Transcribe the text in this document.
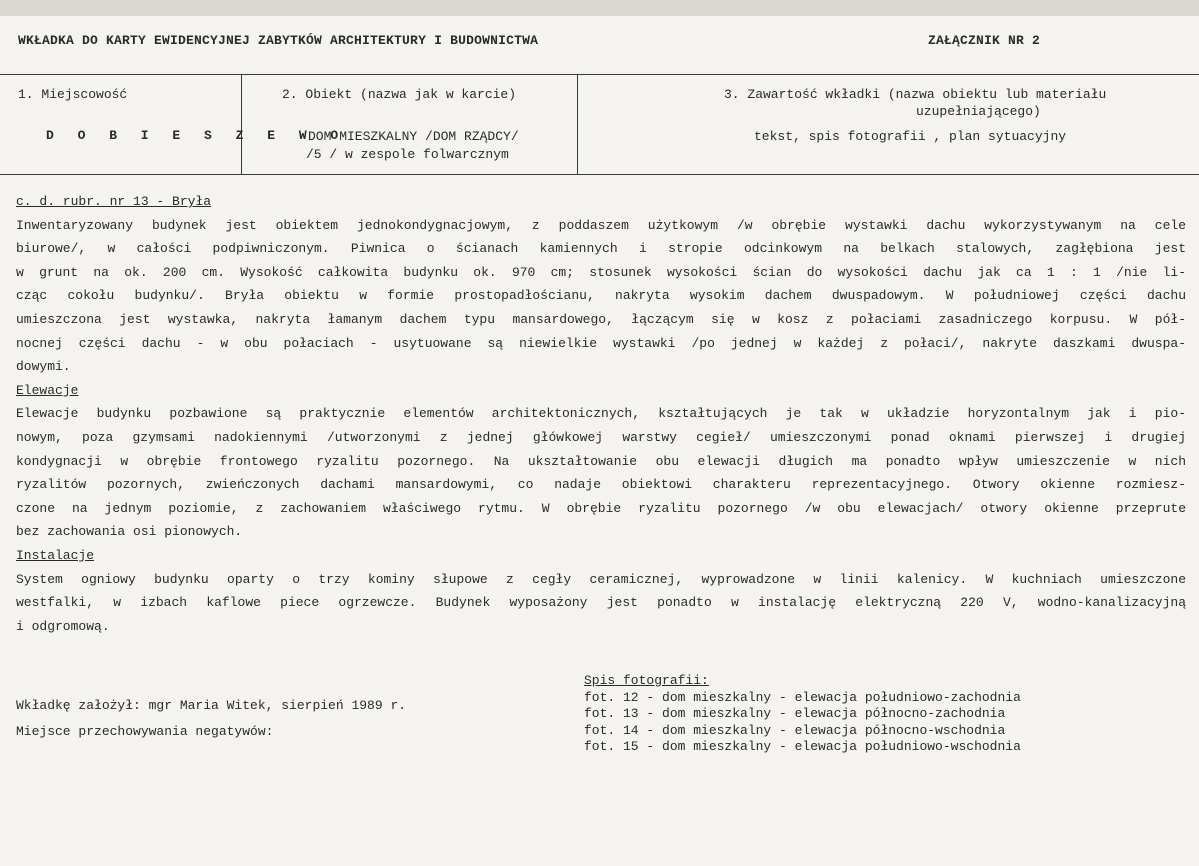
WKŁADKA DO KARTY EWIDENCYJNEJ ZABYTKÓW ARCHITEKTURY I BUDOWNICTWA	ZAŁĄCZNIK NR 2
1. Miejscowość
D O B I E S Z E W O
2. Obiekt (nazwa jak w karcie)
DOM MIESZKALNY /DOM RZĄDCY/
/5 / w zespole folwarcznym
3. Zawartość wkładki (nazwa obiektu lub materiału
uzupełniającego)
tekst, spis fotografii , plan sytuacyjny

c. d. rubr. nr 13 - Bryła

Inwentaryzowany budynek jest obiektem jednokondygnacjowym, z poddaszem użytkowym /w obrębie wystawki dachu wykorzystywanym na cele

biurowe/, w całości podpiwniczonym. Piwnica o ścianach kamiennych i stropie odcinkowym na belkach stalowych, zagłębiona jest

w grunt na ok. 200 cm. Wysokość całkowita budynku ok. 970 cm; stosunek wysokości ścian do wysokości dachu jak ca 1 : 1 /nie li-

cząc cokołu budynku/. Bryła obiektu w formie prostopadłościanu, nakryta wysokim dachem dwuspadowym. W południowej części dachu

umieszczona jest wystawka, nakryta łamanym dachem typu mansardowego, łączącym się w kosz z połaciami zasadniczego korpusu. W pół-

nocnej części dachu - w obu połaciach - usytuowane są niewielkie wystawki /po jednej w każdej z połaci/, nakryte daszkami dwuspa-

dowymi.

Elewacje

Elewacje budynku pozbawione są praktycznie elementów architektonicznych, kształtujących je tak w układzie horyzontalnym jak i pio-

nowym, poza gzymsami nadokiennymi /utworzonymi z jednej główkowej warstwy cegieł/ umieszczonymi ponad oknami pierwszej i drugiej

kondygnacji w obrębie frontowego ryzalitu pozornego. Na ukształtowanie obu elewacji długich ma ponadto wpływ umieszczenie w nich

ryzalitów pozornych, zwieńczonych dachami mansardowymi, co nadaje obiektowi charakteru reprezentacyjnego. Otwory okienne rozmiesz-

czone na jednym poziomie, z zachowaniem właściwego rytmu. W obrębie ryzalitu pozornego /w obu elewacjach/ otwory okienne przeprute

bez zachowania osi pionowych.

Instalacje

System ogniowy budynku oparty o trzy kominy słupowe z cegły ceramicznej, wyprowadzone w linii kalenicy. W kuchniach umieszczone

westfalki, w izbach kaflowe piece ogrzewcze. Budynek wyposażony jest ponadto w instalację elektryczną 220 V, wodno-kanalizacyjną

i odgromową.

Wkładkę założył: mgr Maria Witek, sierpień 1989 r.
Miejsce przechowywania negatywów:
Spis fotografii:
fot. 12 - dom mieszkalny - elewacja południowo-zachodnia
fot. 13 - dom mieszkalny - elewacja północno-zachodnia
fot. 14 - dom mieszkalny - elewacja północno-wschodnia
fot. 15 - dom mieszkalny - elewacja południowo-wschodnia
